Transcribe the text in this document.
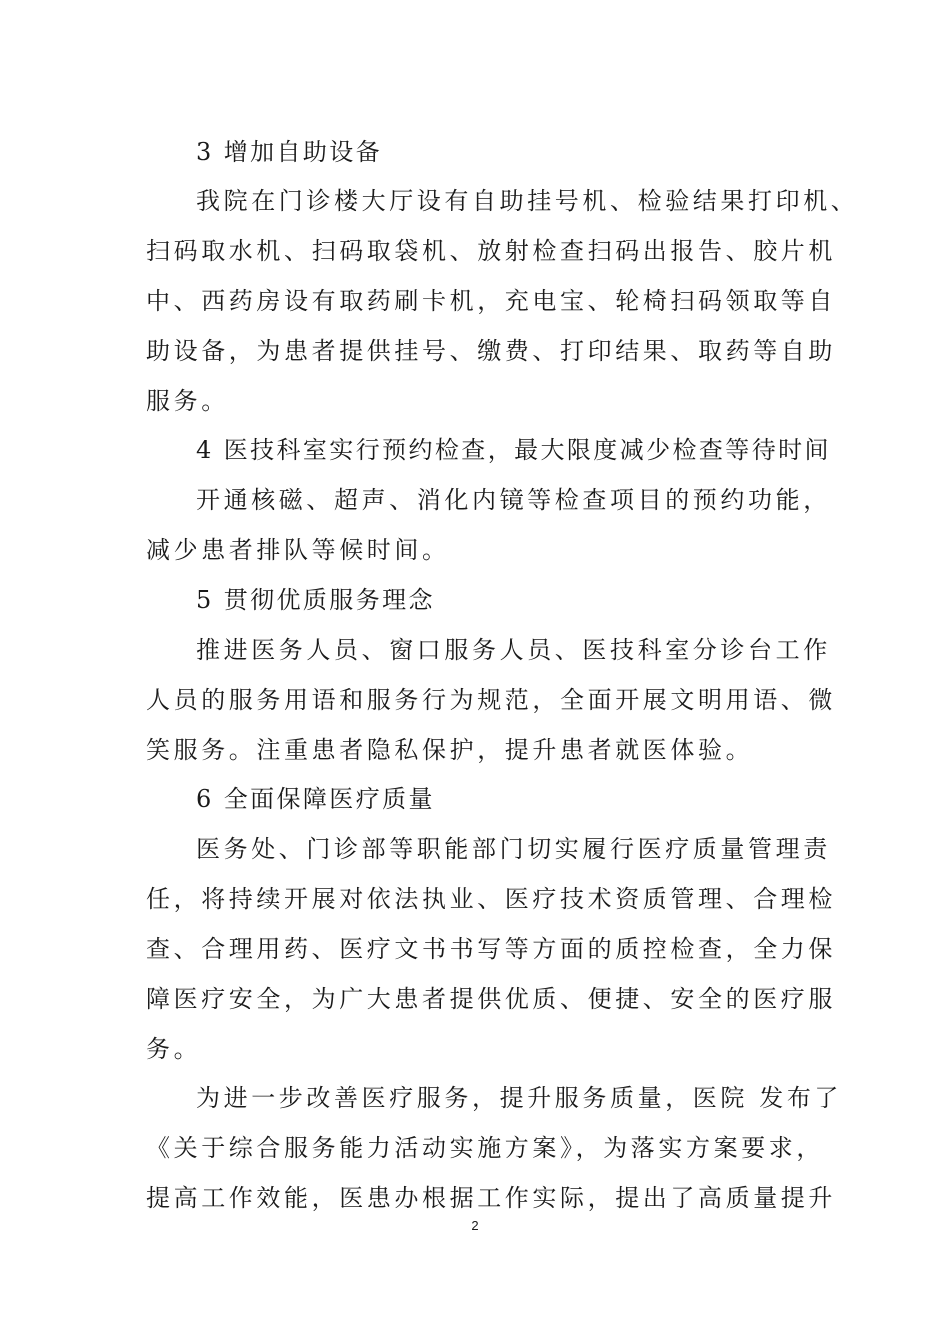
3 增加自助设备
我院在门诊楼大厅设有自助挂号机、检验结果打印机、
扫码取水机、扫码取袋机、放射检查扫码出报告、胶片机
中、西药房设有取药刷卡机，充电宝、轮椅扫码领取等自
助设备，为患者提供挂号、缴费、打印结果、取药等自助
服务。
4 医技科室实行预约检查，最大限度减少检查等待时间
开通核磁、超声、消化内镜等检查项目的预约功能，
减少患者排队等候时间。
5 贯彻优质服务理念
推进医务人员、窗口服务人员、医技科室分诊台工作
人员的服务用语和服务行为规范，全面开展文明用语、微
笑服务。注重患者隐私保护，提升患者就医体验。
6 全面保障医疗质量
医务处、门诊部等职能部门切实履行医疗质量管理责
任，将持续开展对依法执业、医疗技术资质管理、合理检
查、合理用药、医疗文书书写等方面的质控检查，全力保
障医疗安全，为广大患者提供优质、便捷、安全的医疗服
务。
为进一步改善医疗服务，提升服务质量，医院 发布了
《关于综合服务能力活动实施方案》，为落实方案要求，
提高工作效能，医患办根据工作实际，提出了高质量提升
2
